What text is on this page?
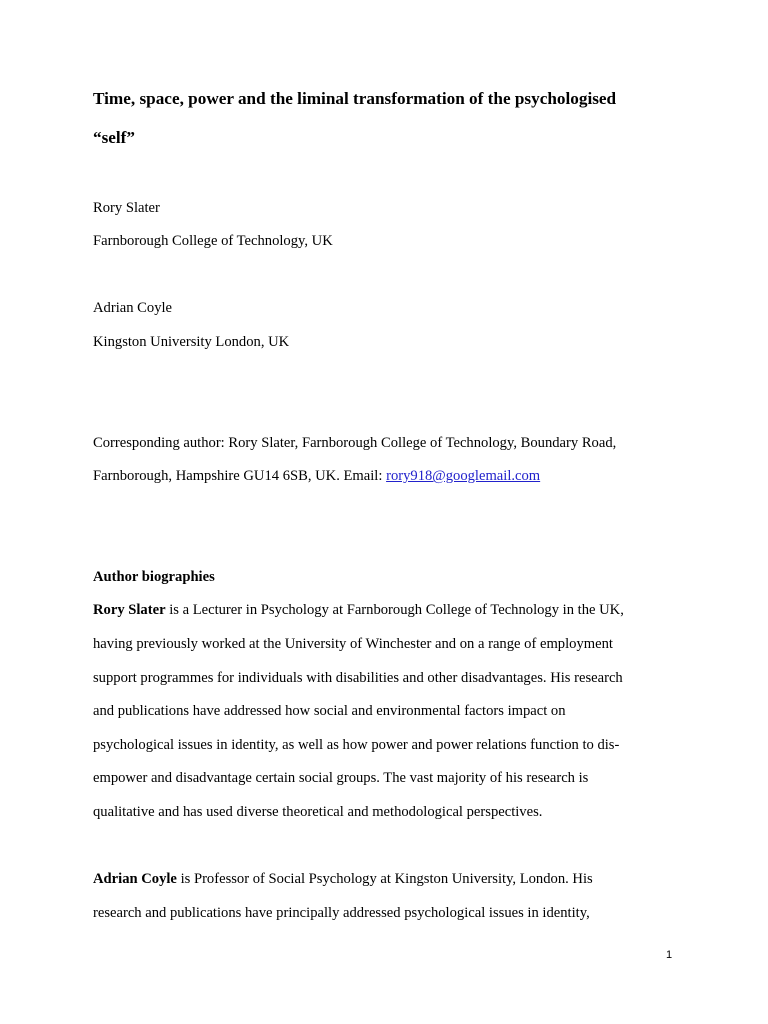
Time, space, power and the liminal transformation of the psychologised

“self”

Rory Slater

Farnborough College of Technology, UK

Adrian Coyle

Kingston University London, UK

Corresponding author: Rory Slater, Farnborough College of Technology, Boundary Road,

Farnborough, Hampshire GU14 6SB, UK. Email: rory918@googlemail.com

Author biographies

Rory Slater is a Lecturer in Psychology at Farnborough College of Technology in the UK,

having previously worked at the University of Winchester and on a range of employment

support programmes for individuals with disabilities and other disadvantages. His research

and publications have addressed how social and environmental factors impact on

psychological issues in identity, as well as how power and power relations function to dis-

empower and disadvantage certain social groups. The vast majority of his research is

qualitative and has used diverse theoretical and methodological perspectives.

Adrian Coyle is Professor of Social Psychology at Kingston University, London. His

research and publications have principally addressed psychological issues in identity,

1
